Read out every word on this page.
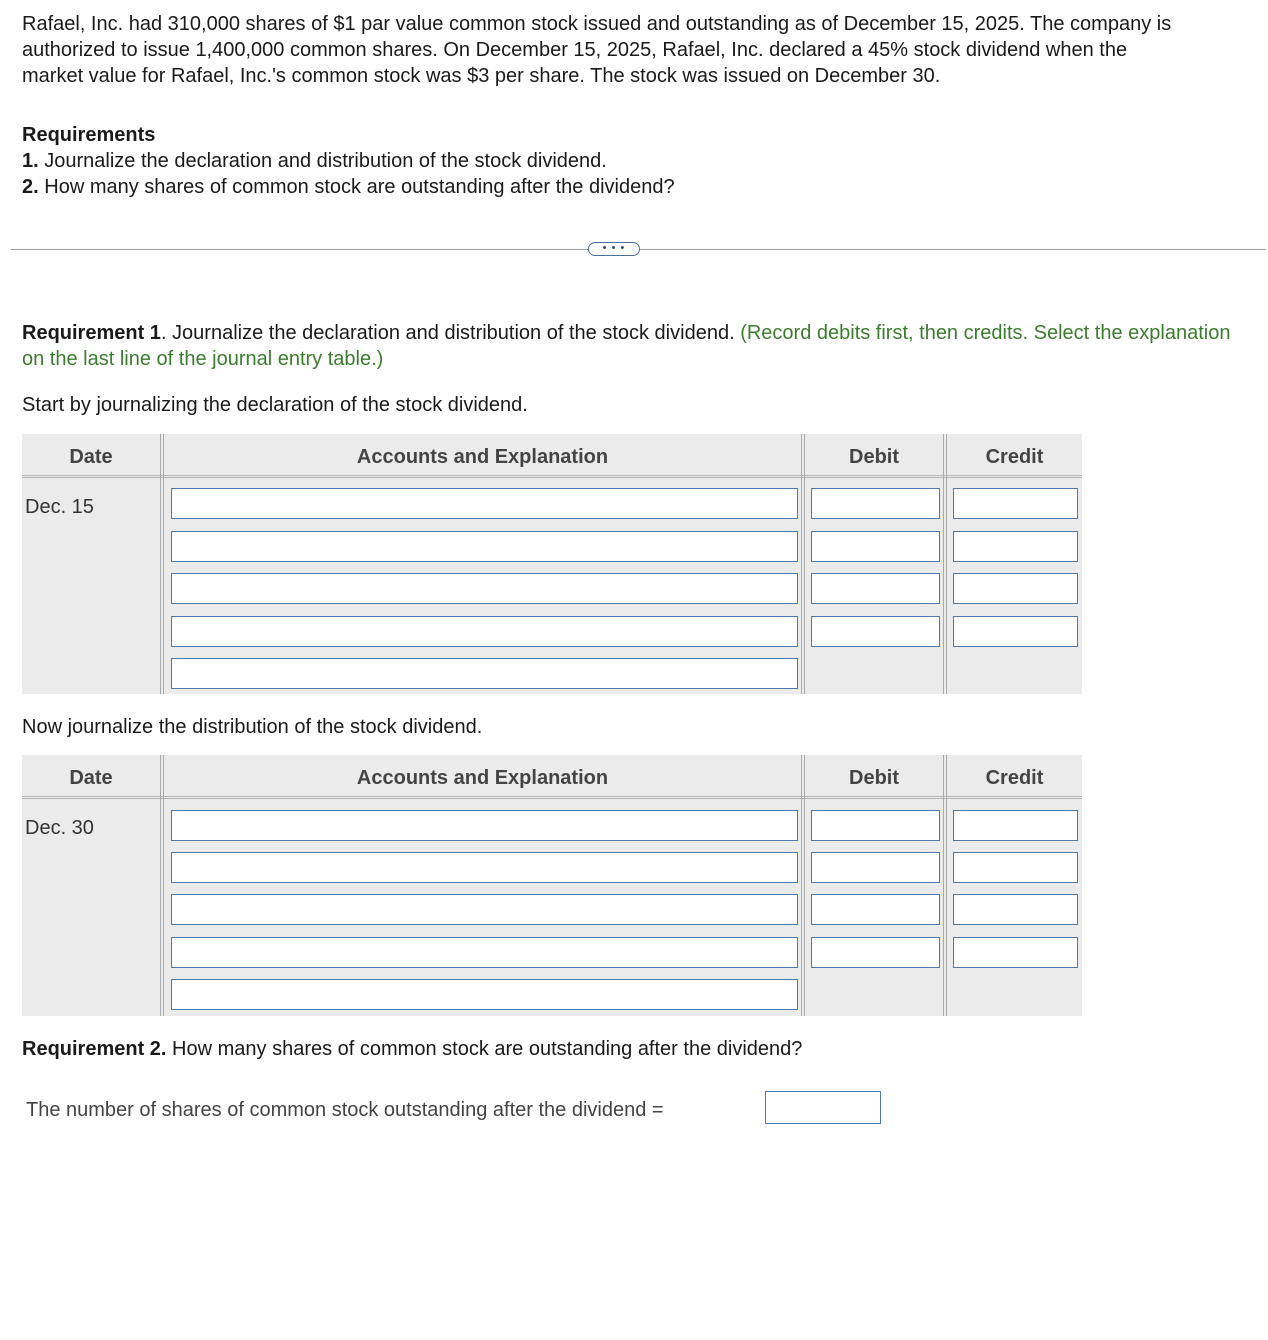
Rafael, Inc. had 310,000 shares of $1 par value common stock issued and outstanding as of December 15, 2025. The company is authorized to issue 1,400,000 common shares. On December 15, 2025, Rafael, Inc. declared a 45% stock dividend when the

market value for Rafael, Inc.'s common stock was $3 per share. The stock was issued on December 30.

Requirements
1. Journalize the declaration and distribution of the stock dividend.
2. How many shares of common stock are outstanding after the dividend?
• • •
Requirement 1. Journalize the declaration and distribution of the stock dividend. (Record debits first, then credits. Select the explanation on the last line of the journal entry table.)
Start by journalizing the declaration of the stock dividend.
Date	Accounts and Explanation	Debit	Credit
Dec. 15
Now journalize the distribution of the stock dividend.
Date	Accounts and Explanation	Debit	Credit
Dec. 30
Requirement 2. How many shares of common stock are outstanding after the dividend?
The number of shares of common stock outstanding after the dividend =
